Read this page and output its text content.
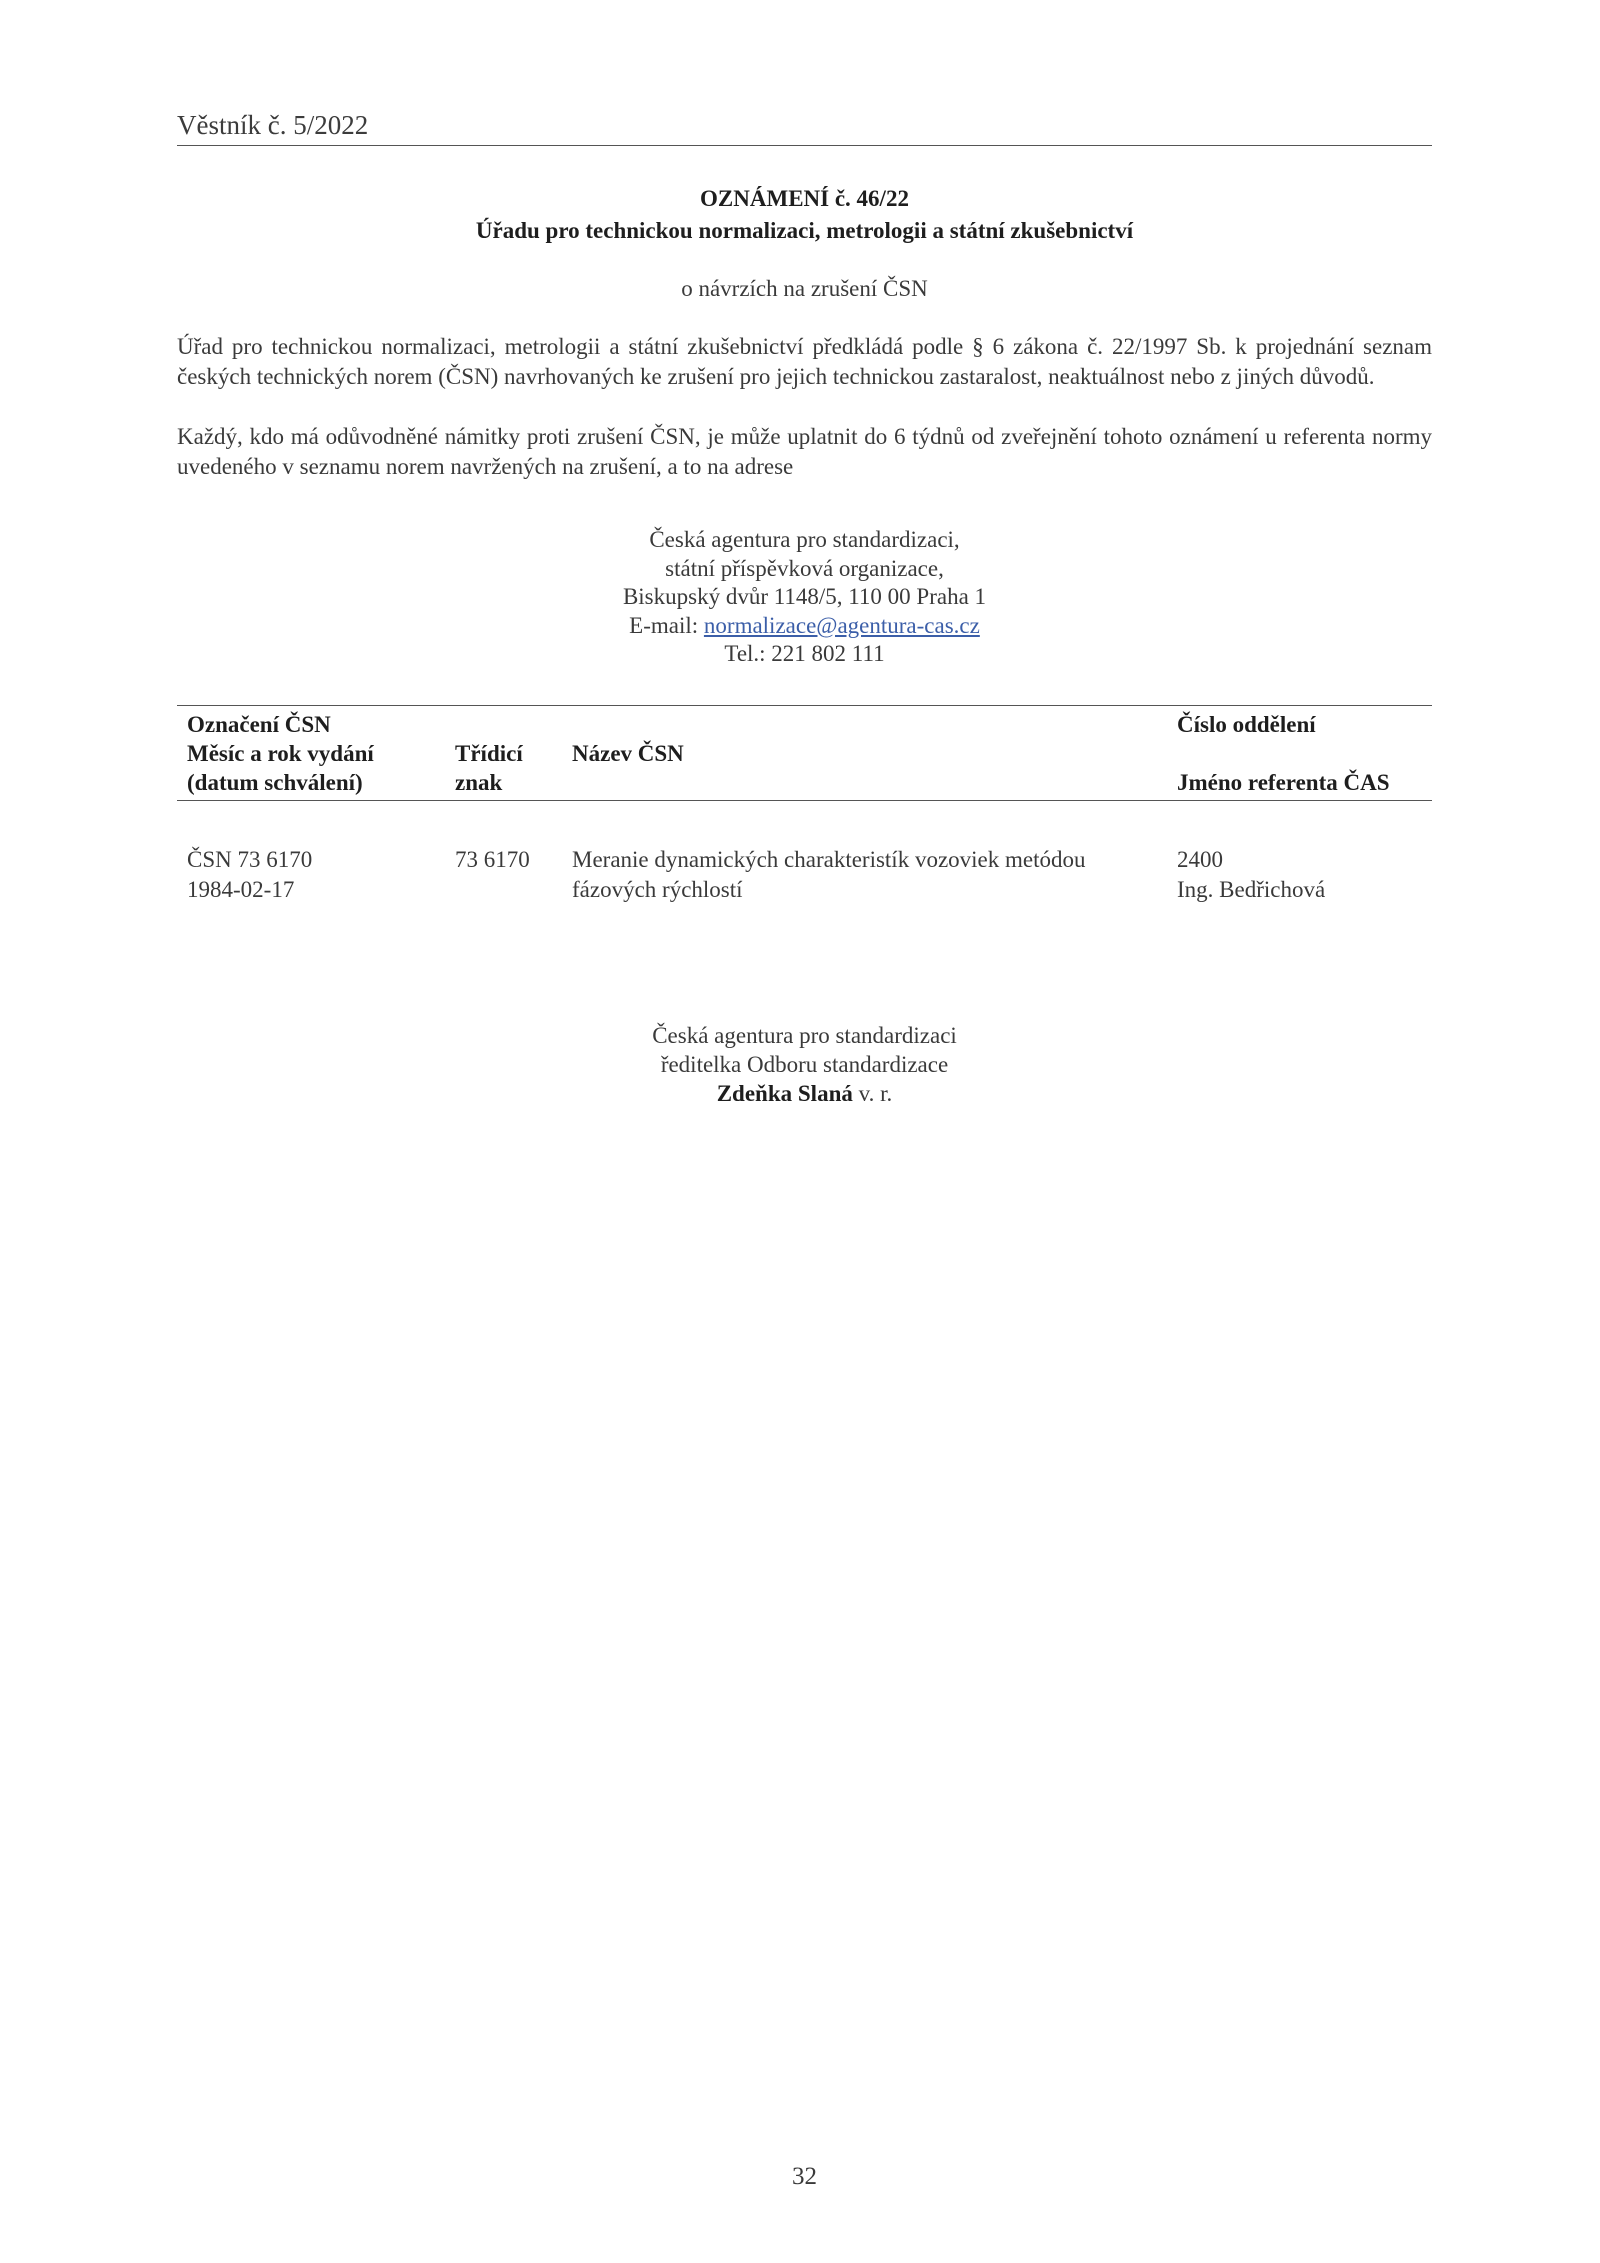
Věstník č. 5/2022
OZNÁMENÍ č. 46/22
Úřadu pro technickou normalizaci, metrologii a státní zkušebnictví
o návrzích na zrušení ČSN
Úřad pro technickou normalizaci, metrologii a státní zkušebnictví předkládá podle § 6 zákona č. 22/1997 Sb. k projednání seznam českých technických norem (ČSN) navrhovaných ke zrušení pro jejich technickou zastaralost, neaktuálnost nebo z jiných důvodů.
Každý, kdo má odůvodněné námitky proti zrušení ČSN, je může uplatnit do 6 týdnů od zveřejnění tohoto oznámení u referenta normy uvedeného v seznamu norem navržených na zrušení, a to na adrese
Česká agentura pro standardizaci,
státní příspěvková organizace,
Biskupský dvůr 1148/5, 110 00 Praha 1
E-mail: normalizace@agentura-cas.cz
Tel.: 221 802 111
Označení ČSN
Měsíc a rok vydání
(datum schválení)
Třídicí
znak
Název ČSN
Číslo oddělení
Jméno referenta ČAS
ČSN 73 6170
1984-02-17
73 6170 Meranie dynamických charakteristík vozoviek metódou
fázových rýchlostí
2400
Ing. Bedřichová
Česká agentura pro standardizaci
ředitelka Odboru standardizace
Zdeňka Slaná v. r.
32
